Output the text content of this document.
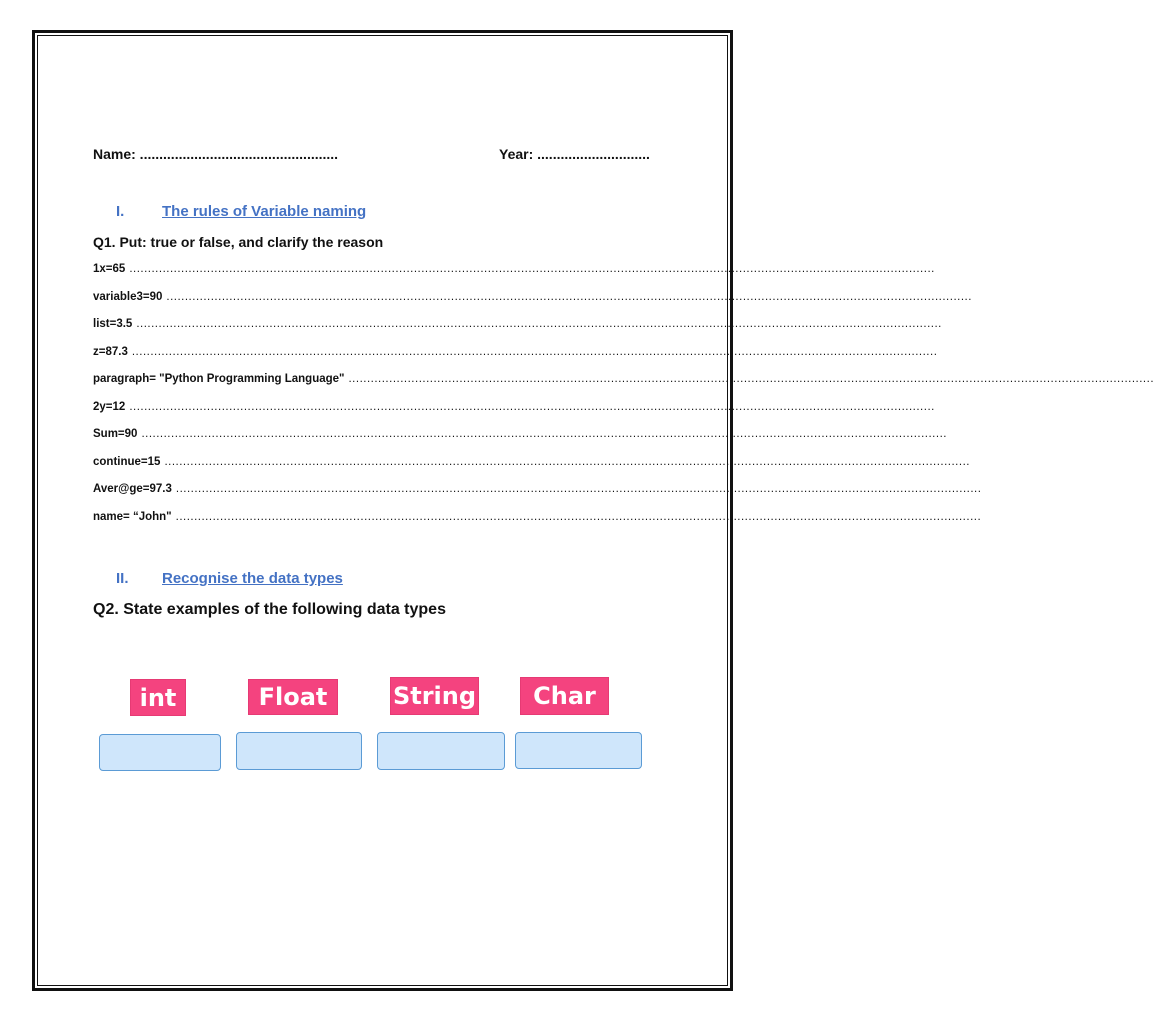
Name: ...................................................	Year: .............................
I.	The rules of Variable naming
Q1. Put: true or false, and clarify the reason
1x=65 ..........................................................................................................................................................................................................................
variable3=90 ..........................................................................................................................................................................................................................
list=3.5 ..........................................................................................................................................................................................................................
z=87.3 ..........................................................................................................................................................................................................................
paragraph= "Python Programming Language" ..........................................................................................................................................................................................................................
2y=12 ..........................................................................................................................................................................................................................
Sum=90 ..........................................................................................................................................................................................................................
continue=15 ..........................................................................................................................................................................................................................
Aver@ge=97.3 ..........................................................................................................................................................................................................................
name= “John" ..........................................................................................................................................................................................................................
II. Recognise the data types
Q2. State examples of the following data types
int	Float	String	Char
